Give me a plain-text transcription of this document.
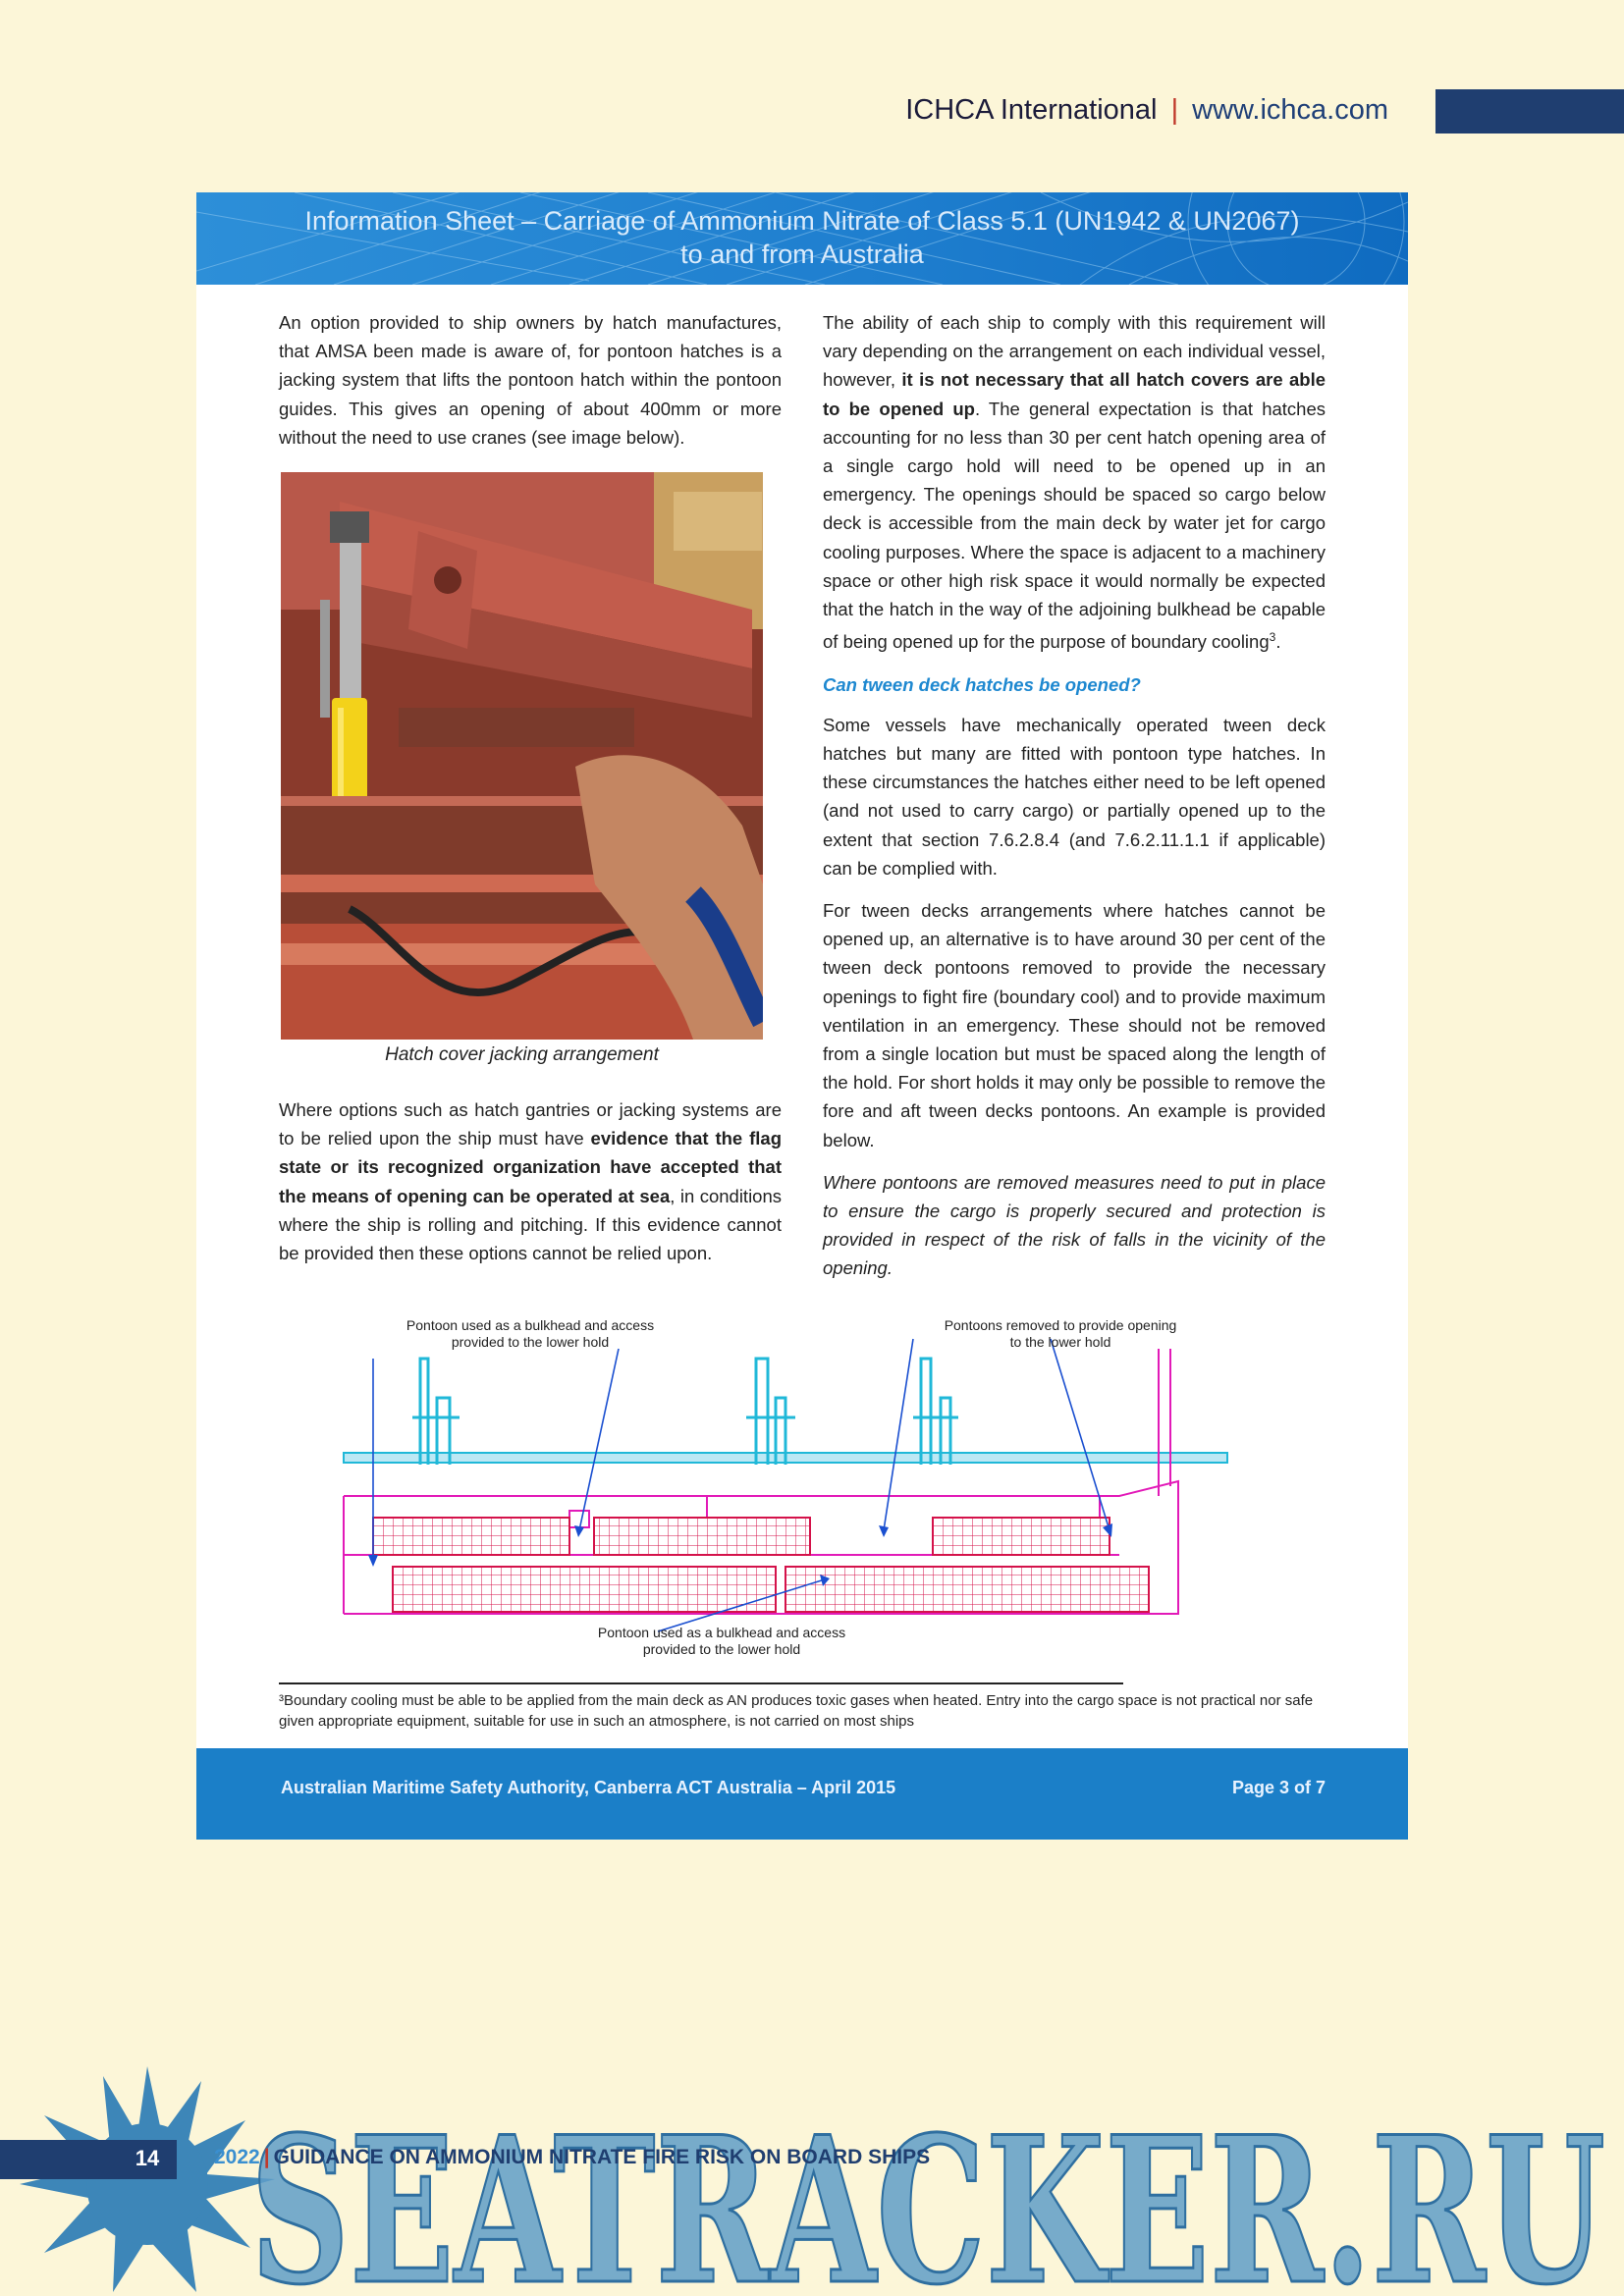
ICHCA International | www.ichca.com
Information Sheet – Carriage of Ammonium Nitrate of Class 5.1 (UN1942 & UN2067)
to and from Australia

An option provided to ship owners by hatch manufactures, that AMSA been made is aware of, for pontoon hatches is a jacking system that lifts the pontoon hatch within the pontoon guides. This gives an opening of about 400mm or more without the need to use cranes (see image below).

Hatch cover jacking arrangement

Where options such as hatch gantries or jacking systems are to be relied upon the ship must have evidence that the flag state or its recognized organization have accepted that the means of opening can be operated at sea, in conditions where the ship is rolling and pitching. If this evidence cannot be provided then these options cannot be relied upon.

The ability of each ship to comply with this requirement will vary depending on the arrangement on each individual vessel, however, it is not necessary that all hatch covers are able to be opened up. The general expectation is that hatches accounting for no less than 30 per cent hatch opening area of a single cargo hold will need to be opened up in an emergency. The openings should be spaced so cargo below deck is accessible from the main deck by water jet for cargo cooling purposes. Where the space is adjacent to a machinery space or other high risk space it would normally be expected that the hatch in the way of the adjoining bulkhead be capable of being opened up for the purpose of boundary cooling$^3$.

Can tween deck hatches be opened?

Some vessels have mechanically operated tween deck hatches but many are fitted with pontoon type hatches. In these circumstances the hatches either need to be left opened (and not used to carry cargo) or partially opened up to the extent that section 7.6.2.8.4 (and 7.6.2.11.1.1 if applicable) can be complied with.

For tween decks arrangements where hatches cannot be opened up, an alternative is to have around 30 per cent of the tween deck pontoons removed to provide the necessary openings to fight fire (boundary cool) and to provide maximum ventilation in an emergency. These should not be removed from a single location but must be spaced along the length of the hold. For short holds it may only be possible to remove the fore and aft tween decks pontoons. An example is provided below.

Where pontoons are removed measures need to put in place to ensure the cargo is properly secured and protection is provided in respect of the risk of falls in the vicinity of the opening.

Pontoon used as a bulkhead and access provided to the lower hold
Pontoons removed to provide opening to the lower hold
Pontoon used as a bulkhead and access provided to the lower hold
³Boundary cooling must be able to be applied from the main deck as AN produces toxic gases when heated. Entry into the cargo space is not practical nor safe given appropriate equipment, suitable for use in such an atmosphere, is not carried on most ships
Australian Maritime Safety Authority, Canberra ACT Australia – April 2015	Page 3 of 7
SEATRACKER.RU
14	2022 | GUIDANCE ON AMMONIUM NITRATE FIRE RISK ON BOARD SHIPS
